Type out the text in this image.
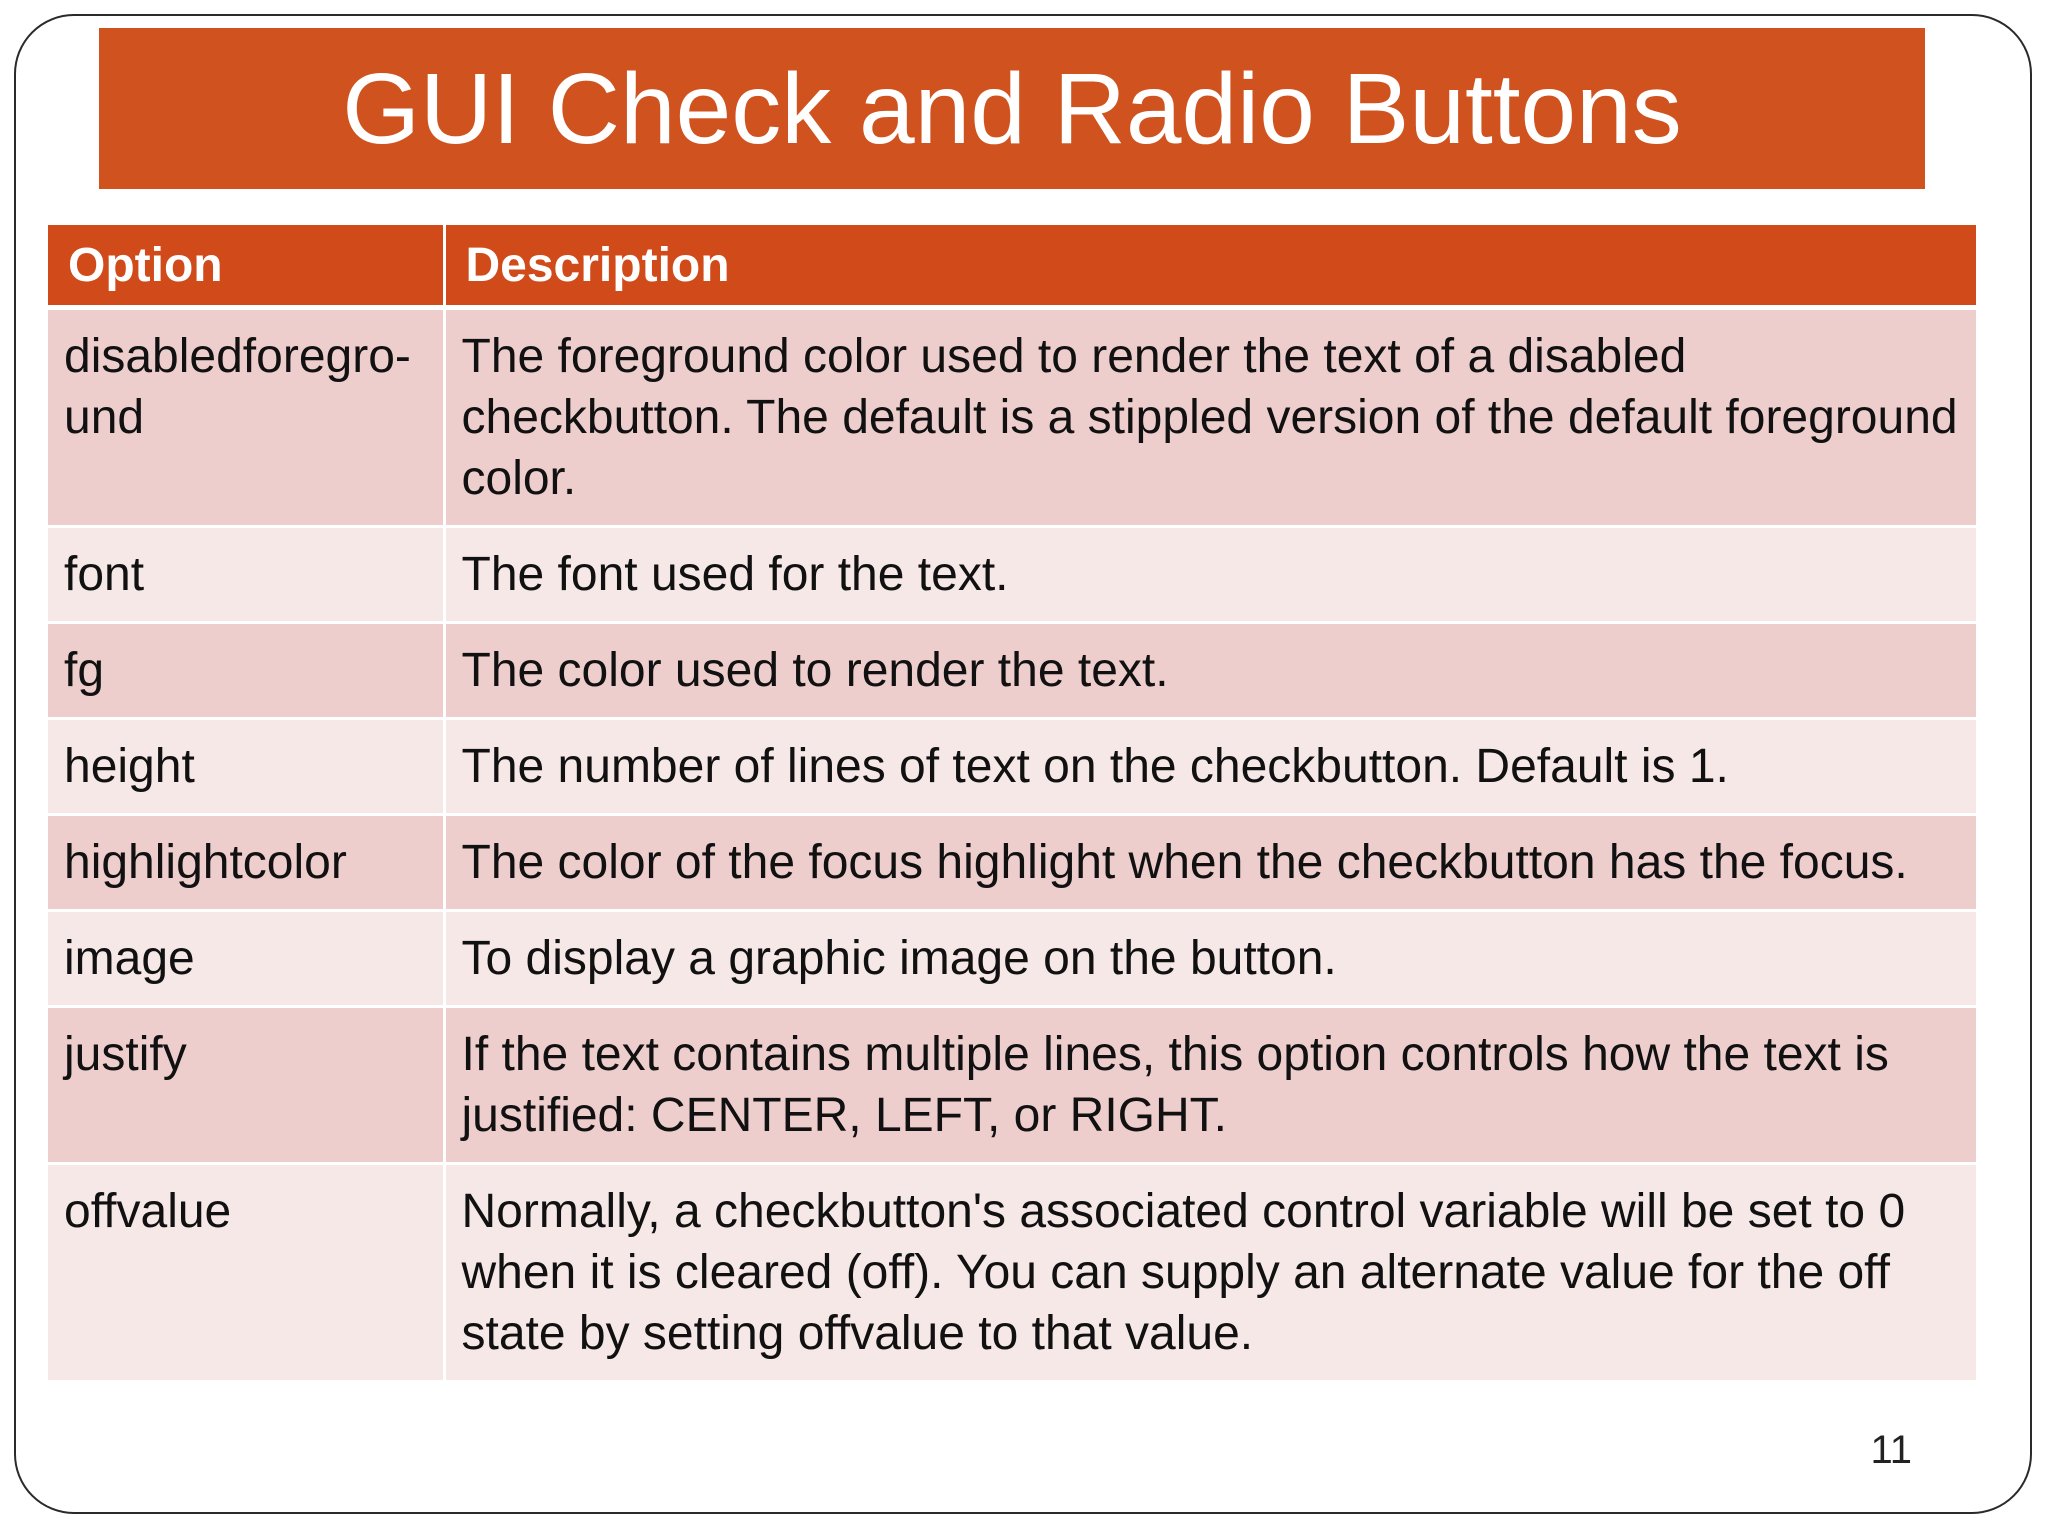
GUI Check and Radio Buttons
Option	Description
disabledforeground	The foreground color used to render the text of a disabled checkbutton. The default is a stippled version of the default foreground color.
font	The font used for the text.
fg	The color used to render the text.
height	The number of lines of text on the checkbutton. Default is 1.
highlightcolor	The color of the focus highlight when the checkbutton has the focus.
image	To display a graphic image on the button.
justify	If the text contains multiple lines, this option controls how the text is justified: CENTER, LEFT, or RIGHT.
offvalue	Normally, a checkbutton's associated control variable will be set to 0 when it is cleared (off). You can supply an alternate value for the off state by setting offvalue to that value.
11
